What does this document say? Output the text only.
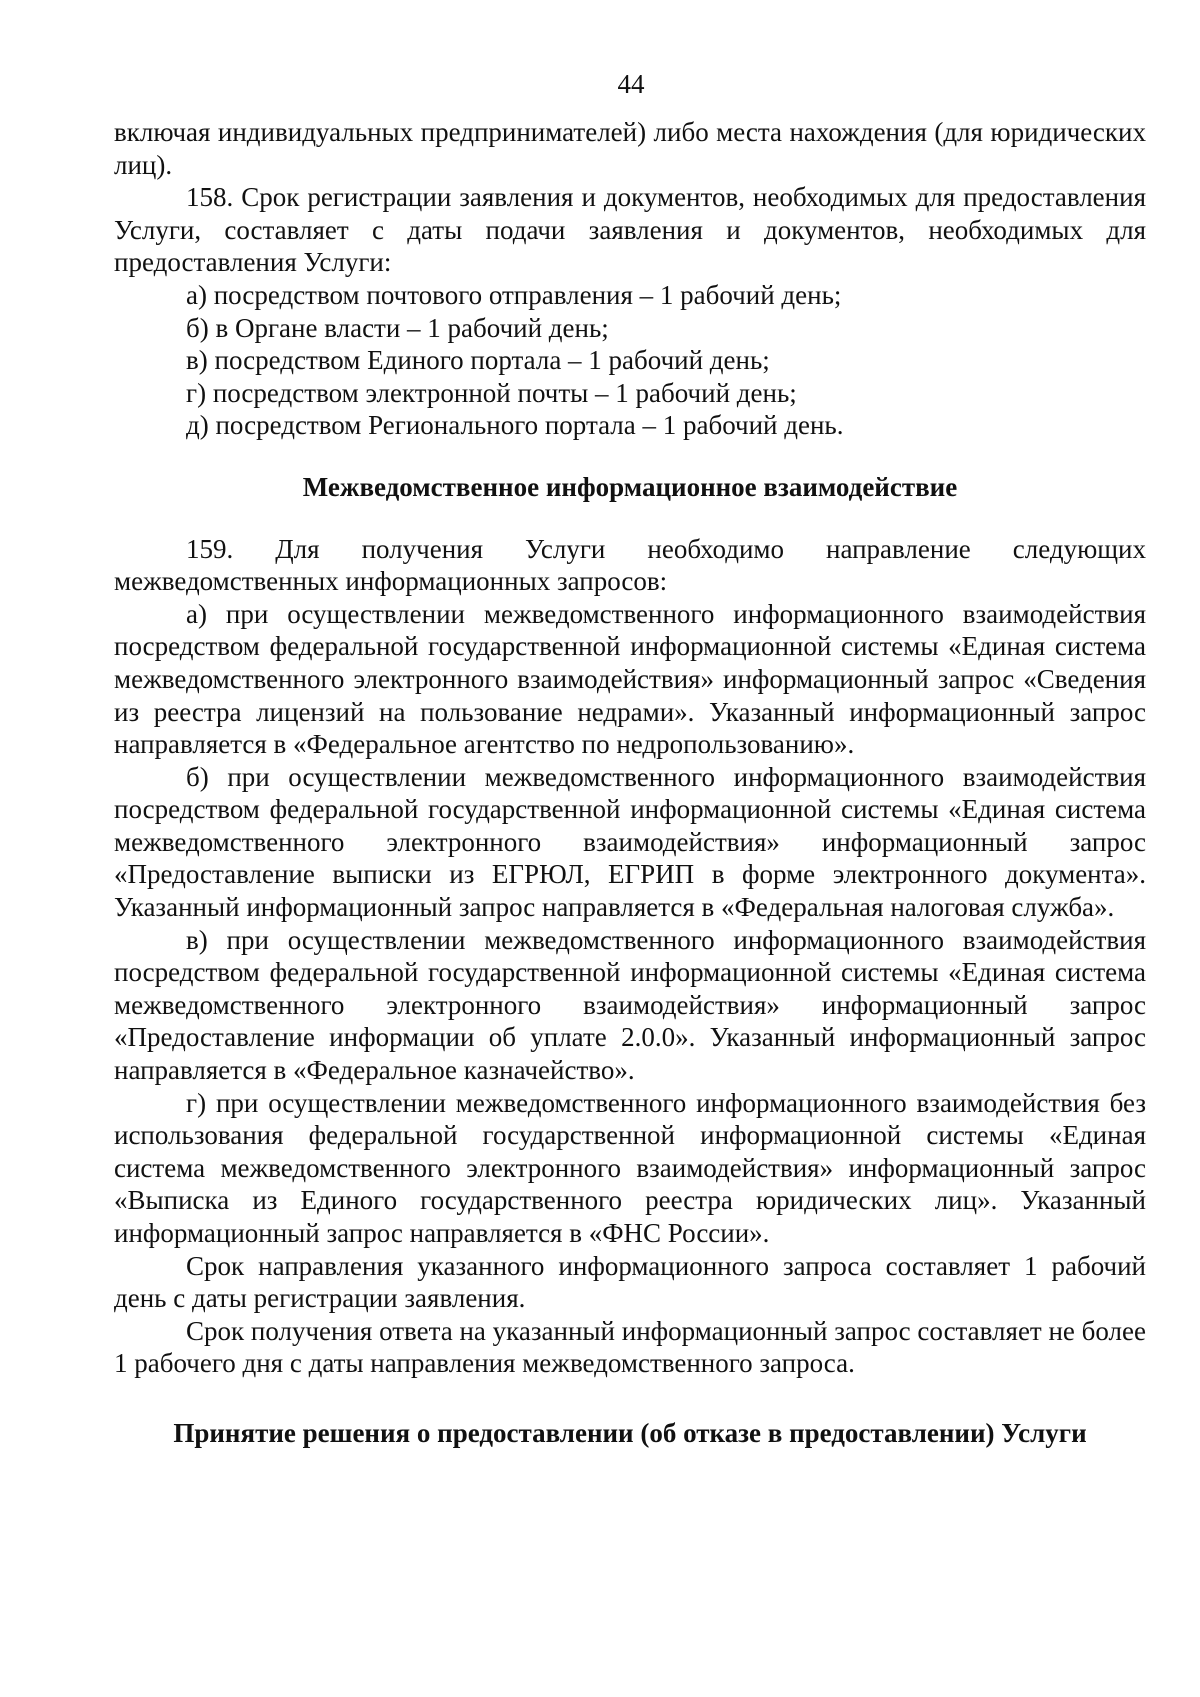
44

включая индивидуальных предпринимателей) либо места нахождения (для юридических лиц).

158. Срок регистрации заявления и документов, необходимых для предоставления Услуги, составляет с даты подачи заявления и документов, необходимых для предоставления Услуги:

а) посредством почтового отправления – 1 рабочий день;

б) в Органе власти – 1 рабочий день;

в) посредством Единого портала – 1 рабочий день;

г) посредством электронной почты – 1 рабочий день;

д) посредством Регионального портала – 1 рабочий день.

Межведомственное информационное взаимодействие

159. Для получения Услуги необходимо направление следующих межведомственных информационных запросов:

а) при осуществлении межведомственного информационного взаимодействия посредством федеральной государственной информационной системы «Единая система межведомственного электронного взаимодействия» информационный запрос «Сведения из реестра лицензий на пользование недрами». Указанный информационный запрос направляется в «Федеральное агентство по недропользованию».

б) при осуществлении межведомственного информационного взаимодействия посредством федеральной государственной информационной системы «Единая система межведомственного электронного взаимодействия» информационный запрос «Предоставление выписки из ЕГРЮЛ, ЕГРИП в форме электронного документа». Указанный информационный запрос направляется в «Федеральная налоговая служба».

в) при осуществлении межведомственного информационного взаимодействия посредством федеральной государственной информационной системы «Единая система межведомственного электронного взаимодействия» информационный запрос «Предоставление информации об уплате 2.0.0». Указанный информационный запрос направляется в «Федеральное казначейство».

г) при осуществлении межведомственного информационного взаимодействия без использования федеральной государственной информационной системы «Единая система межведомственного электронного взаимодействия» информационный запрос «Выписка из Единого государственного реестра юридических лиц». Указанный информационный запрос направляется в «ФНС России».

Срок направления указанного информационного запроса составляет 1 рабочий день с даты регистрации заявления.

Срок получения ответа на указанный информационный запрос составляет не более 1 рабочего дня с даты направления межведомственного запроса.

Принятие решения о предоставлении (об отказе в предоставлении) Услуги
